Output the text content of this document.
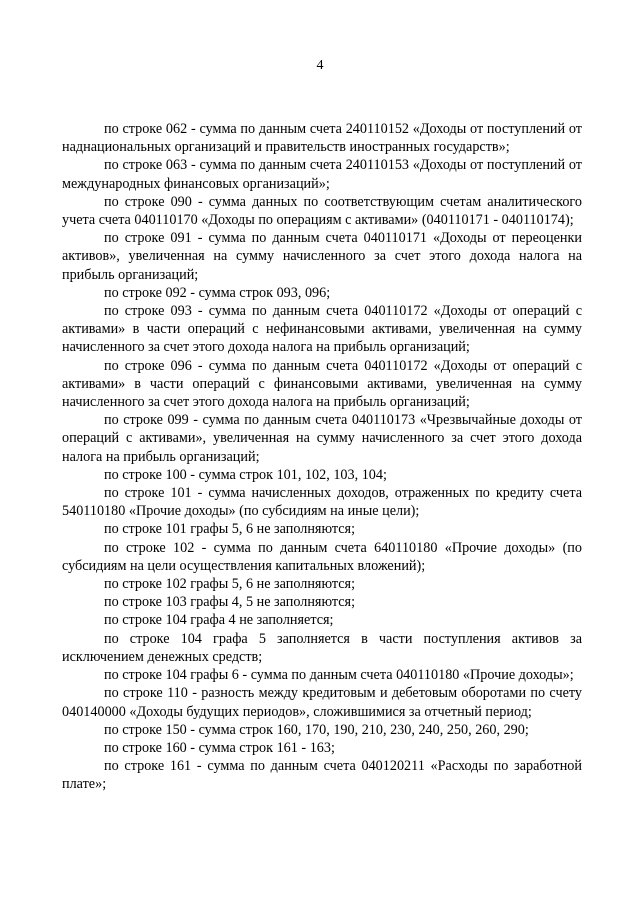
4

по строке 062 - сумма по данным счета 240110152 «Доходы от поступлений от наднациональных организаций и правительств иностранных государств»;

по строке 063 - сумма по данным счета 240110153 «Доходы от поступлений от международных финансовых организаций»;

по строке 090 - сумма данных по соответствующим счетам аналитического учета счета 040110170 «Доходы по операциям с активами» (040110171 - 040110174);

по строке 091 - сумма по данным счета 040110171 «Доходы от переоценки активов», увеличенная на сумму начисленного за счет этого дохода налога на прибыль организаций;

по строке 092 - сумма строк 093, 096;

по строке 093 - сумма по данным счета 040110172 «Доходы от операций с активами» в части операций с нефинансовыми активами, увеличенная на сумму начисленного за счет этого дохода налога на прибыль организаций;

по строке 096 - сумма по данным счета 040110172 «Доходы от операций с активами» в части операций с финансовыми активами, увеличенная на сумму начисленного за счет этого дохода налога на прибыль организаций;

по строке 099 - сумма по данным счета 040110173 «Чрезвычайные доходы от операций с активами», увеличенная на сумму начисленного за счет этого дохода налога на прибыль организаций;

по строке 100 - сумма строк 101, 102, 103, 104;

по строке 101 - сумма начисленных доходов, отраженных по кредиту счета 540110180 «Прочие доходы» (по субсидиям на иные цели);

по строке 101 графы 5, 6 не заполняются;

по строке 102 - сумма по данным счета 640110180 «Прочие доходы» (по субсидиям на цели осуществления капитальных вложений);

по строке 102 графы 5, 6 не заполняются;

по строке 103 графы 4, 5 не заполняются;

по строке 104 графа 4 не заполняется;

по строке 104 графа 5 заполняется в части поступления активов за исключением денежных средств;

по строке 104 графы 6 - сумма по данным счета 040110180 «Прочие доходы»;

по строке 110 - разность между кредитовым и дебетовым оборотами по счету 040140000 «Доходы будущих периодов», сложившимися за отчетный период;

по строке 150 - сумма строк 160, 170, 190, 210, 230, 240, 250, 260, 290;

по строке 160 - сумма строк 161 - 163;

по строке 161 - сумма по данным счета 040120211 «Расходы по заработной плате»;
